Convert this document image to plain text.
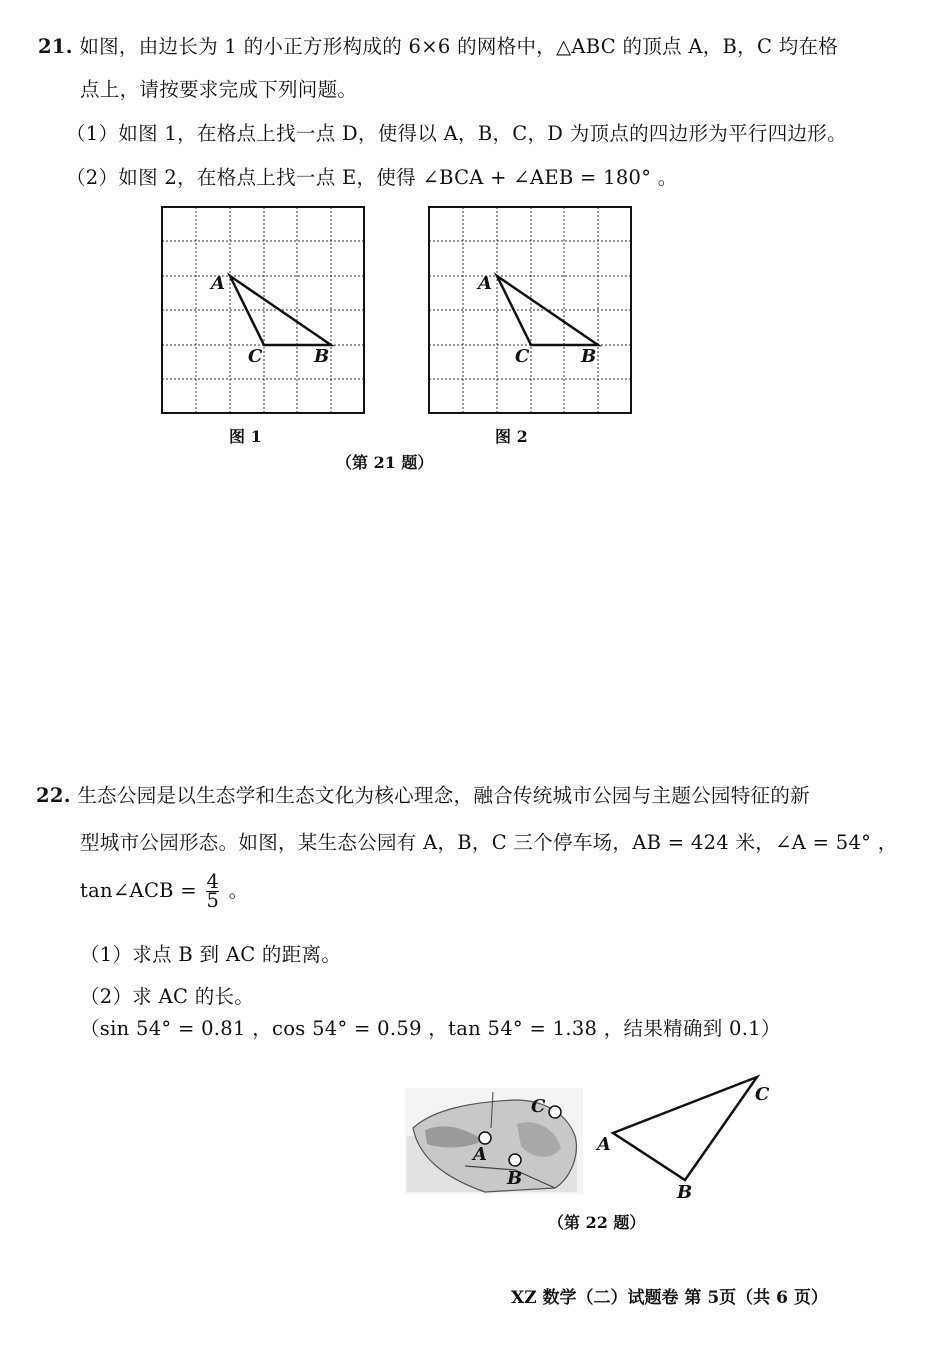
21. 如图，由边长为 1 的小正方形构成的 6×6 的网格中，△ABC 的顶点 A，B，C 均在格
点上，请按要求完成下列问题。
（1）如图 1，在格点上找一点 D，使得以 A，B，C，D 为顶点的四边形为平行四边形。
（2）如图 2，在格点上找一点 E，使得 ∠BCA + ∠AEB = 180° 。
A
C	B
A
C	B
图 1	图 2
（第 21 题）
22. 生态公园是以生态学和生态文化为核心理念，融合传统城市公园与主题公园特征的新
型城市公园形态。如图，某生态公园有 A，B，C 三个停车场，AB = 424 米，∠A = 54° ，
tan∠ACB = $\frac{4}{5}$ 。
（1）求点 B 到 AC 的距离。
（2）求 AC 的长。
（sin 54° = 0.81 ，cos 54° = 0.59 ，tan 54° = 1.38 ，结果精确到 0.1）
A
B
C
A
C
B
（第 22 题）
XZ 数学（二）试题卷 第 5页（共 6 页）
